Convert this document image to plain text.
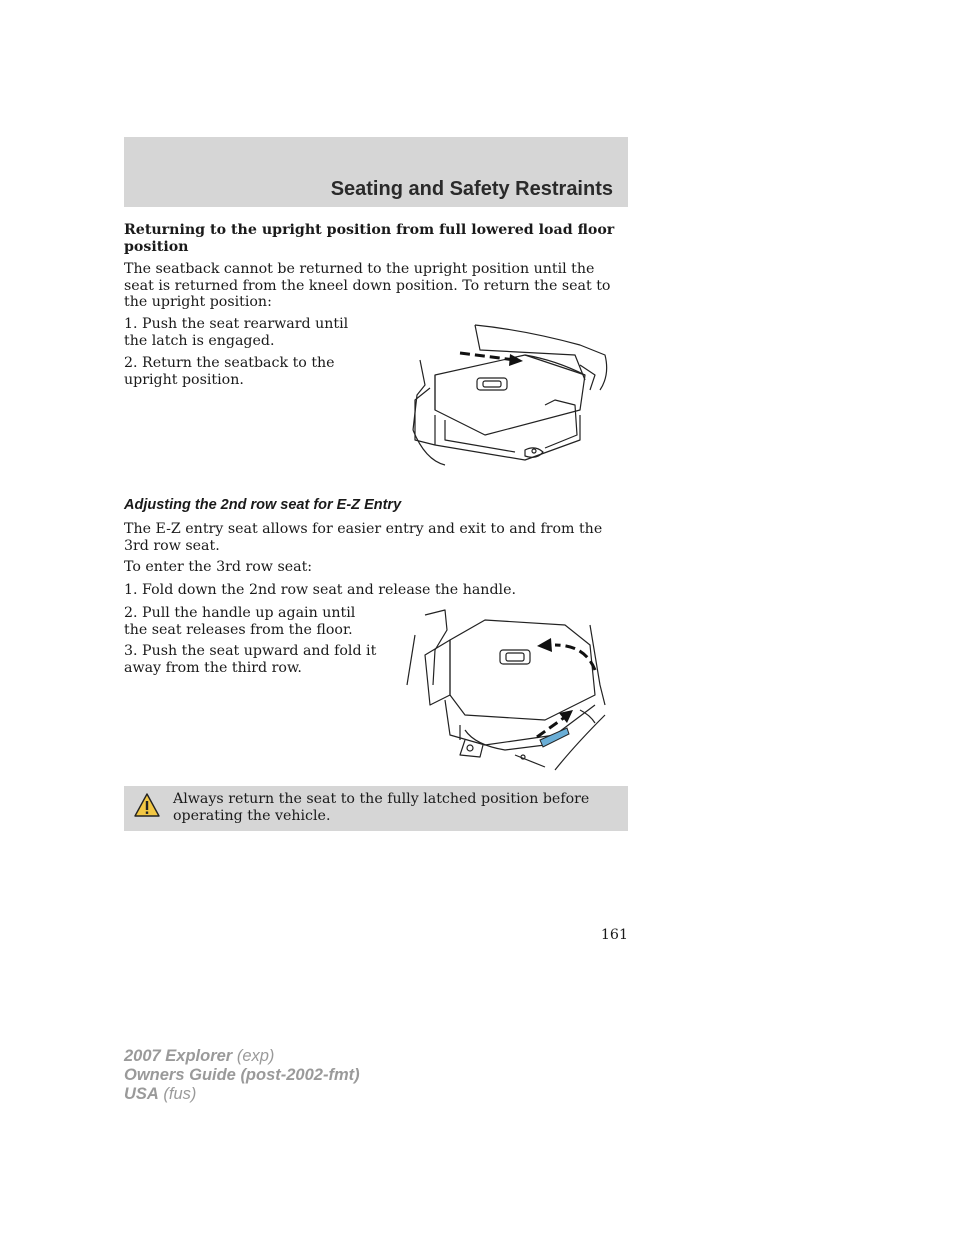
Seating and Safety Restraints

Returning to the upright position from full lowered load floor position

The seatback cannot be returned to the upright position until the seat is returned from the kneel down position. To return the seat to the upright position:

1. Push the seat rearward until the latch is engaged.

2. Return the seatback to the upright position.

Adjusting the 2nd row seat for E-Z Entry

The E-Z entry seat allows for easier entry and exit to and from the 3rd row seat.

To enter the 3rd row seat:

1. Fold down the 2nd row seat and release the handle.

2. Pull the handle up again until the seat releases from the floor.

3. Push the seat upward and fold it away from the third row.

Always return the seat to the fully latched position before operating the vehicle.
161
2007 Explorer (exp)
Owners Guide (post-2002-fmt)
USA (fus)
